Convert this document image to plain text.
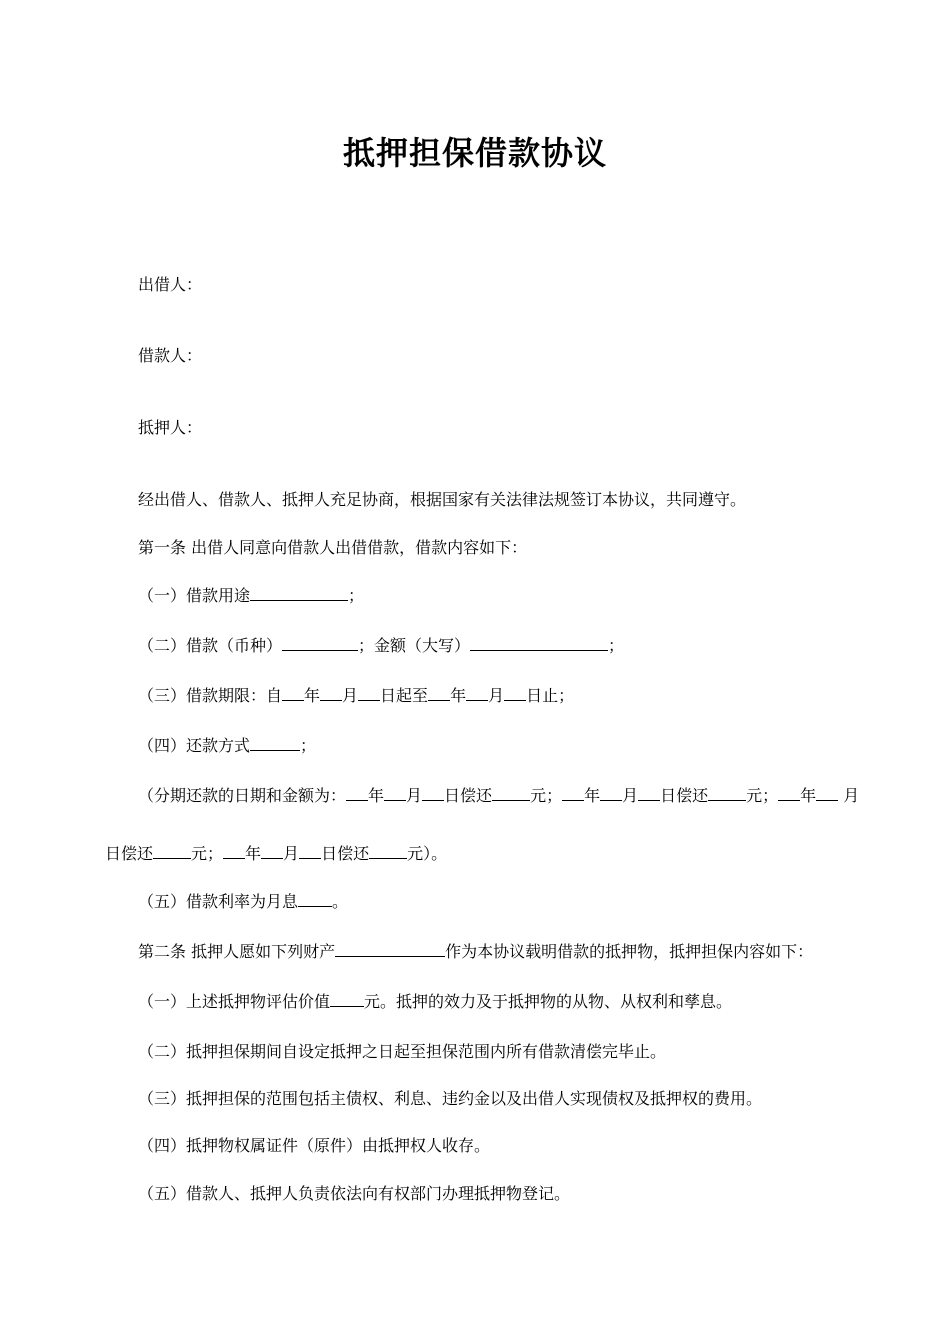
抵押担保借款协议
出借人：
借款人：
抵押人：
经出借人、借款人、抵押人充足协商，根据国家有关法律法规签订本协议，共同遵守。
第一条 出借人同意向借款人出借借款，借款内容如下：
（一）借款用途	；
（二）借款（币种）	；金额（大写）	；
（三）借款期限：自 年 月 日起至 年 月 日止；
（四）还款方式	；
（分期还款的日期和金额为： 年 月 日偿还 元； 年 月 日偿还 元； 年 月
日偿还 元； 年 月 日偿还 元）。
（五）借款利率为月息 。
第二条 抵押人愿如下列财产	作为本协议载明借款的抵押物，抵押担保内容如下：
（一）上述抵押物评估价值 元。抵押的效力及于抵押物的从物、从权利和孳息。
（二）抵押担保期间自设定抵押之日起至担保范围内所有借款清偿完毕止。
（三）抵押担保的范围包括主债权、利息、违约金以及出借人实现债权及抵押权的费用。
（四）抵押物权属证件（原件）由抵押权人收存。
（五）借款人、抵押人负责依法向有权部门办理抵押物登记。
